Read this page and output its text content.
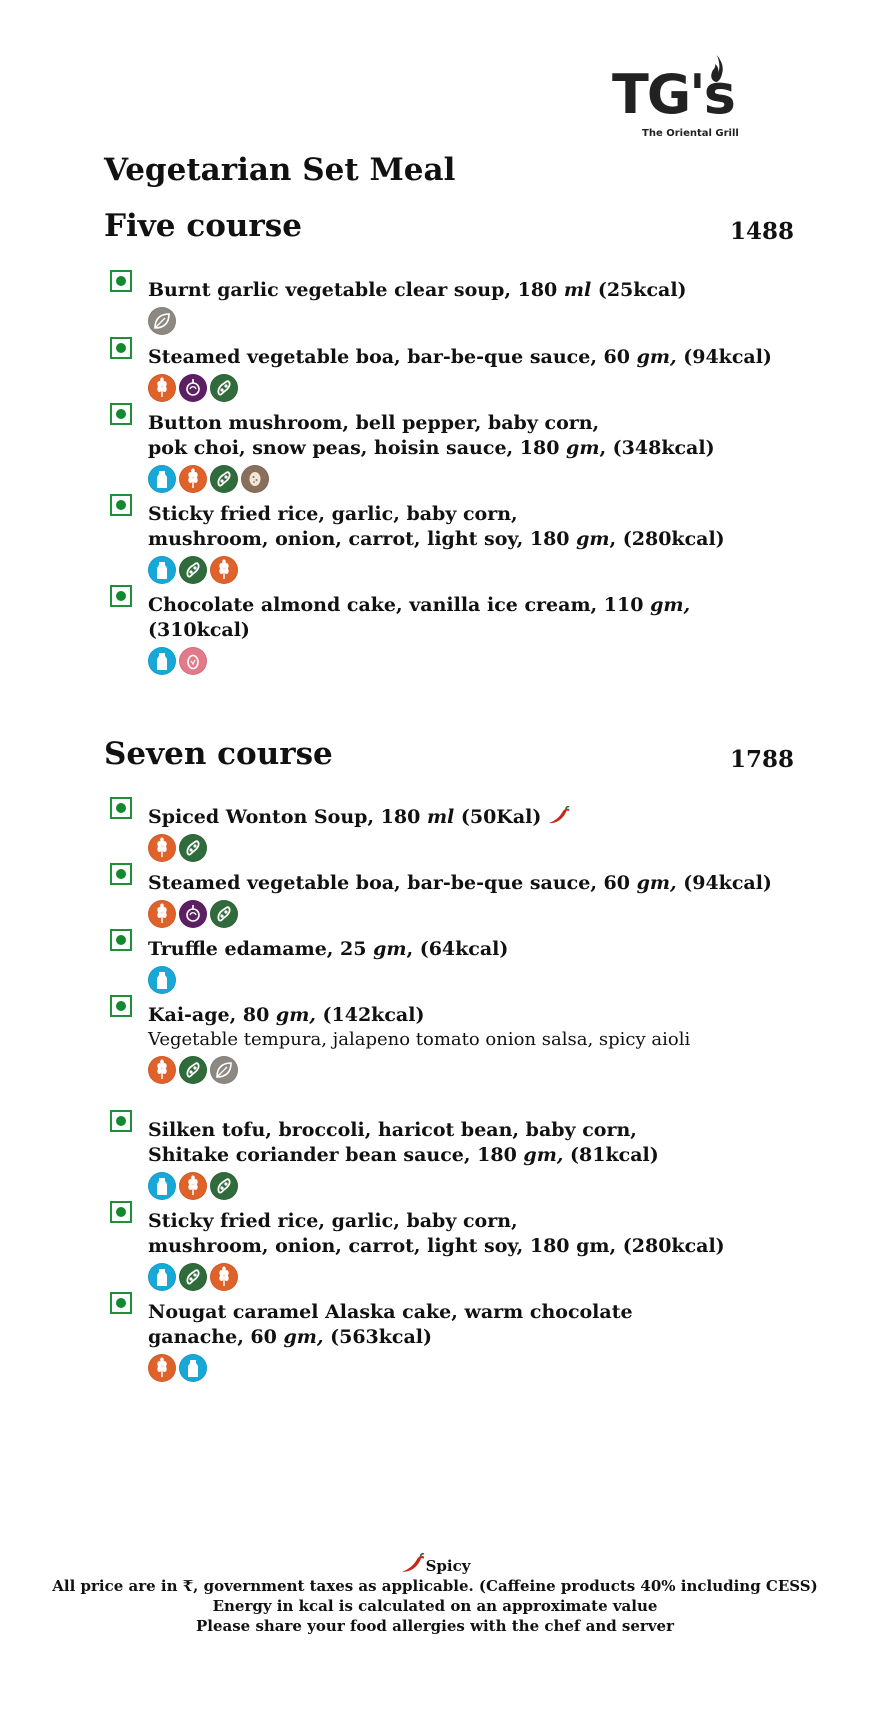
TG's
The Oriental Grill
Vegetarian Set Meal
Five course	1488
Burnt garlic vegetable clear soup, 180 ml (25kcal)
Steamed vegetable boa, bar-be-que sauce, 60 gm, (94kcal)
Button mushroom, bell pepper, baby corn,
pok choi, snow peas, hoisin sauce, 180 gm, (348kcal)
Sticky fried rice, garlic, baby corn,
mushroom, onion, carrot, light soy, 180 gm, (280kcal)
Chocolate almond cake, vanilla ice cream, 110 gm, (310kcal)
Seven course	1788
Spiced Wonton Soup, 180 ml (50Kal)
Steamed vegetable boa, bar-be-que sauce, 60 gm, (94kcal)
Truffle edamame, 25 gm, (64kcal)
Kai-age, 80 gm, (142kcal)
Vegetable tempura, jalapeno tomato onion salsa, spicy aioli
Silken tofu, broccoli, haricot bean, baby corn,
Shitake coriander bean sauce, 180 gm, (81kcal)
Sticky fried rice, garlic, baby corn,
mushroom, onion, carrot, light soy, 180 gm, (280kcal)
Nougat caramel Alaska cake, warm chocolate
ganache, 60 gm, (563kcal)
Spicy
All price are in ₹, government taxes as applicable. (Caffeine products 40% including CESS)
Energy in kcal is calculated on an approximate value
Please share your food allergies with the chef and server
